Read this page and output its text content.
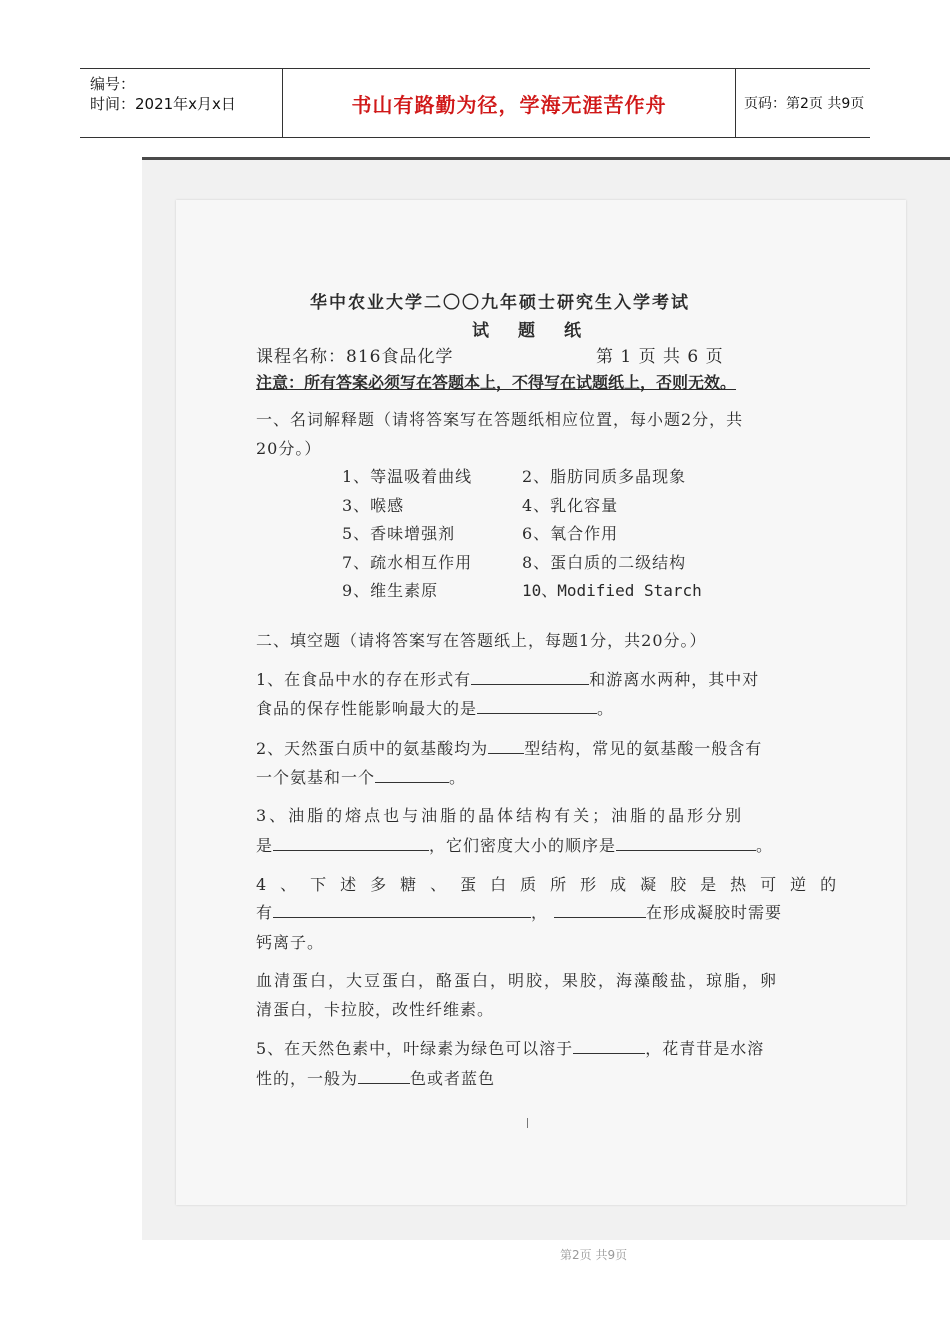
编号：
时间：2021年x月x日	书山有路勤为径，学海无涯苦作舟	页码：第2页 共9页
华中农业大学二〇〇九年硕士研究生入学考试
试　题　纸
课程名称：816食品化学	第 1 页 共 6 页
注意：所有答案必须写在答题本上，不得写在试题纸上，否则无效。
一、名词解释题（请将答案写在答题纸相应位置，每小题2分，共
20分。）
1、等温吸着曲线	2、脂肪同质多晶现象
3、喉感	4、乳化容量
5、香味增强剂	6、氧合作用
7、疏水相互作用	8、蛋白质的二级结构
9、维生素原	10、Modified Starch
二、填空题（请将答案写在答题纸上，每题1分，共20分。）
1、在食品中水的存在形式有	和游离水两种，其中对
食品的保存性能影响最大的是	。
2、天然蛋白质中的氨基酸均为 型结构，常见的氨基酸一般含有
一个氨基和一个	。
3、油脂的熔点也与油脂的晶体结构有关；油脂的晶形分别
是	，它们密度大小的顺序是	。
4、下述多糖、蛋白质所形成凝胶是热可逆的
有	，	在形成凝胶时需要
钙离子。
血清蛋白，大豆蛋白，酪蛋白，明胶，果胶，海藻酸盐，琼脂，卵
清蛋白，卡拉胶，改性纤维素。
5、在天然色素中，叶绿素为绿色可以溶于	，花青苷是水溶
性的，一般为	色或者蓝色
第2页 共9页
